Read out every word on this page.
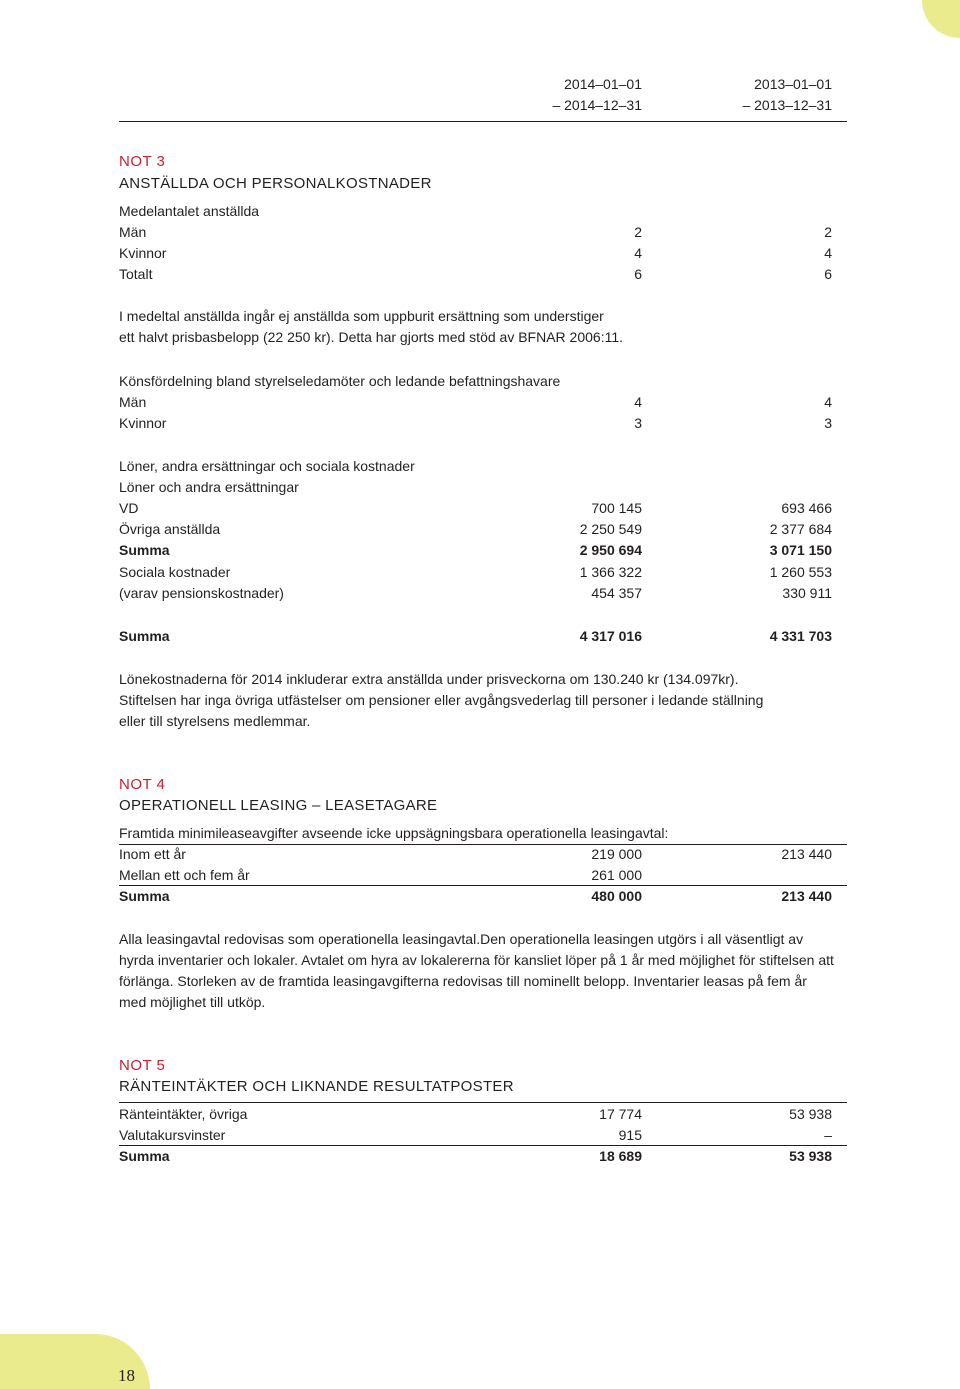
2014–01–01
– 2014–12–31
2013–01–01
– 2013–12–31
NOT 3
ANSTÄLLDA OCH PERSONALKOSTNADER
Medelantalet anställda
Män	2	2
Kvinnor	4	4
Totalt	6	6
I medeltal anställda ingår ej anställda som uppburit ersättning som understiger
ett halvt prisbasbelopp (22 250 kr). Detta har gjorts med stöd av BFNAR 2006:11.
Könsfördelning bland styrelseledamöter och ledande befattningshavare
Män	4	4
Kvinnor	3	3
Löner, andra ersättningar och sociala kostnader
Löner och andra ersättningar
VD	700 145	693 466
Övriga anställda	2 250 549	2 377 684
Summa	2 950 694	3 071 150
Sociala kostnader	1 366 322	1 260 553
(varav pensionskostnader)	454 357	330 911
Summa	4 317 016	4 331 703
Lönekostnaderna för 2014 inkluderar extra anställda under prisveckorna om 130.240 kr (134.097kr).
Stiftelsen har inga övriga utfästelser om pensioner eller avgångsvederlag till personer i ledande ställning
eller till styrelsens medlemmar.
NOT 4
OPERATIONELL LEASING – LEASETAGARE
Framtida minimileaseavgifter avseende icke uppsägningsbara operationella leasingavtal:
Inom ett år	219 000	213 440
Mellan ett och fem år	261 000
Summa	480 000	213 440
Alla leasingavtal redovisas som operationella leasingavtal.Den operationella leasingen utgörs i all väsentligt av
hyrda inventarier och lokaler. Avtalet om hyra av lokalererna för kansliet löper på 1 år med möjlighet för stiftelsen att
förlänga. Storleken av de framtida leasingavgifterna redovisas till nominellt belopp. Inventarier leasas på fem år
med möjlighet till utköp.
NOT 5
RÄNTEINTÄKTER OCH LIKNANDE RESULTATPOSTER
Ränteintäkter, övriga	17 774	53 938
Valutakursvinster	915	–
Summa	18 689	53 938
18
